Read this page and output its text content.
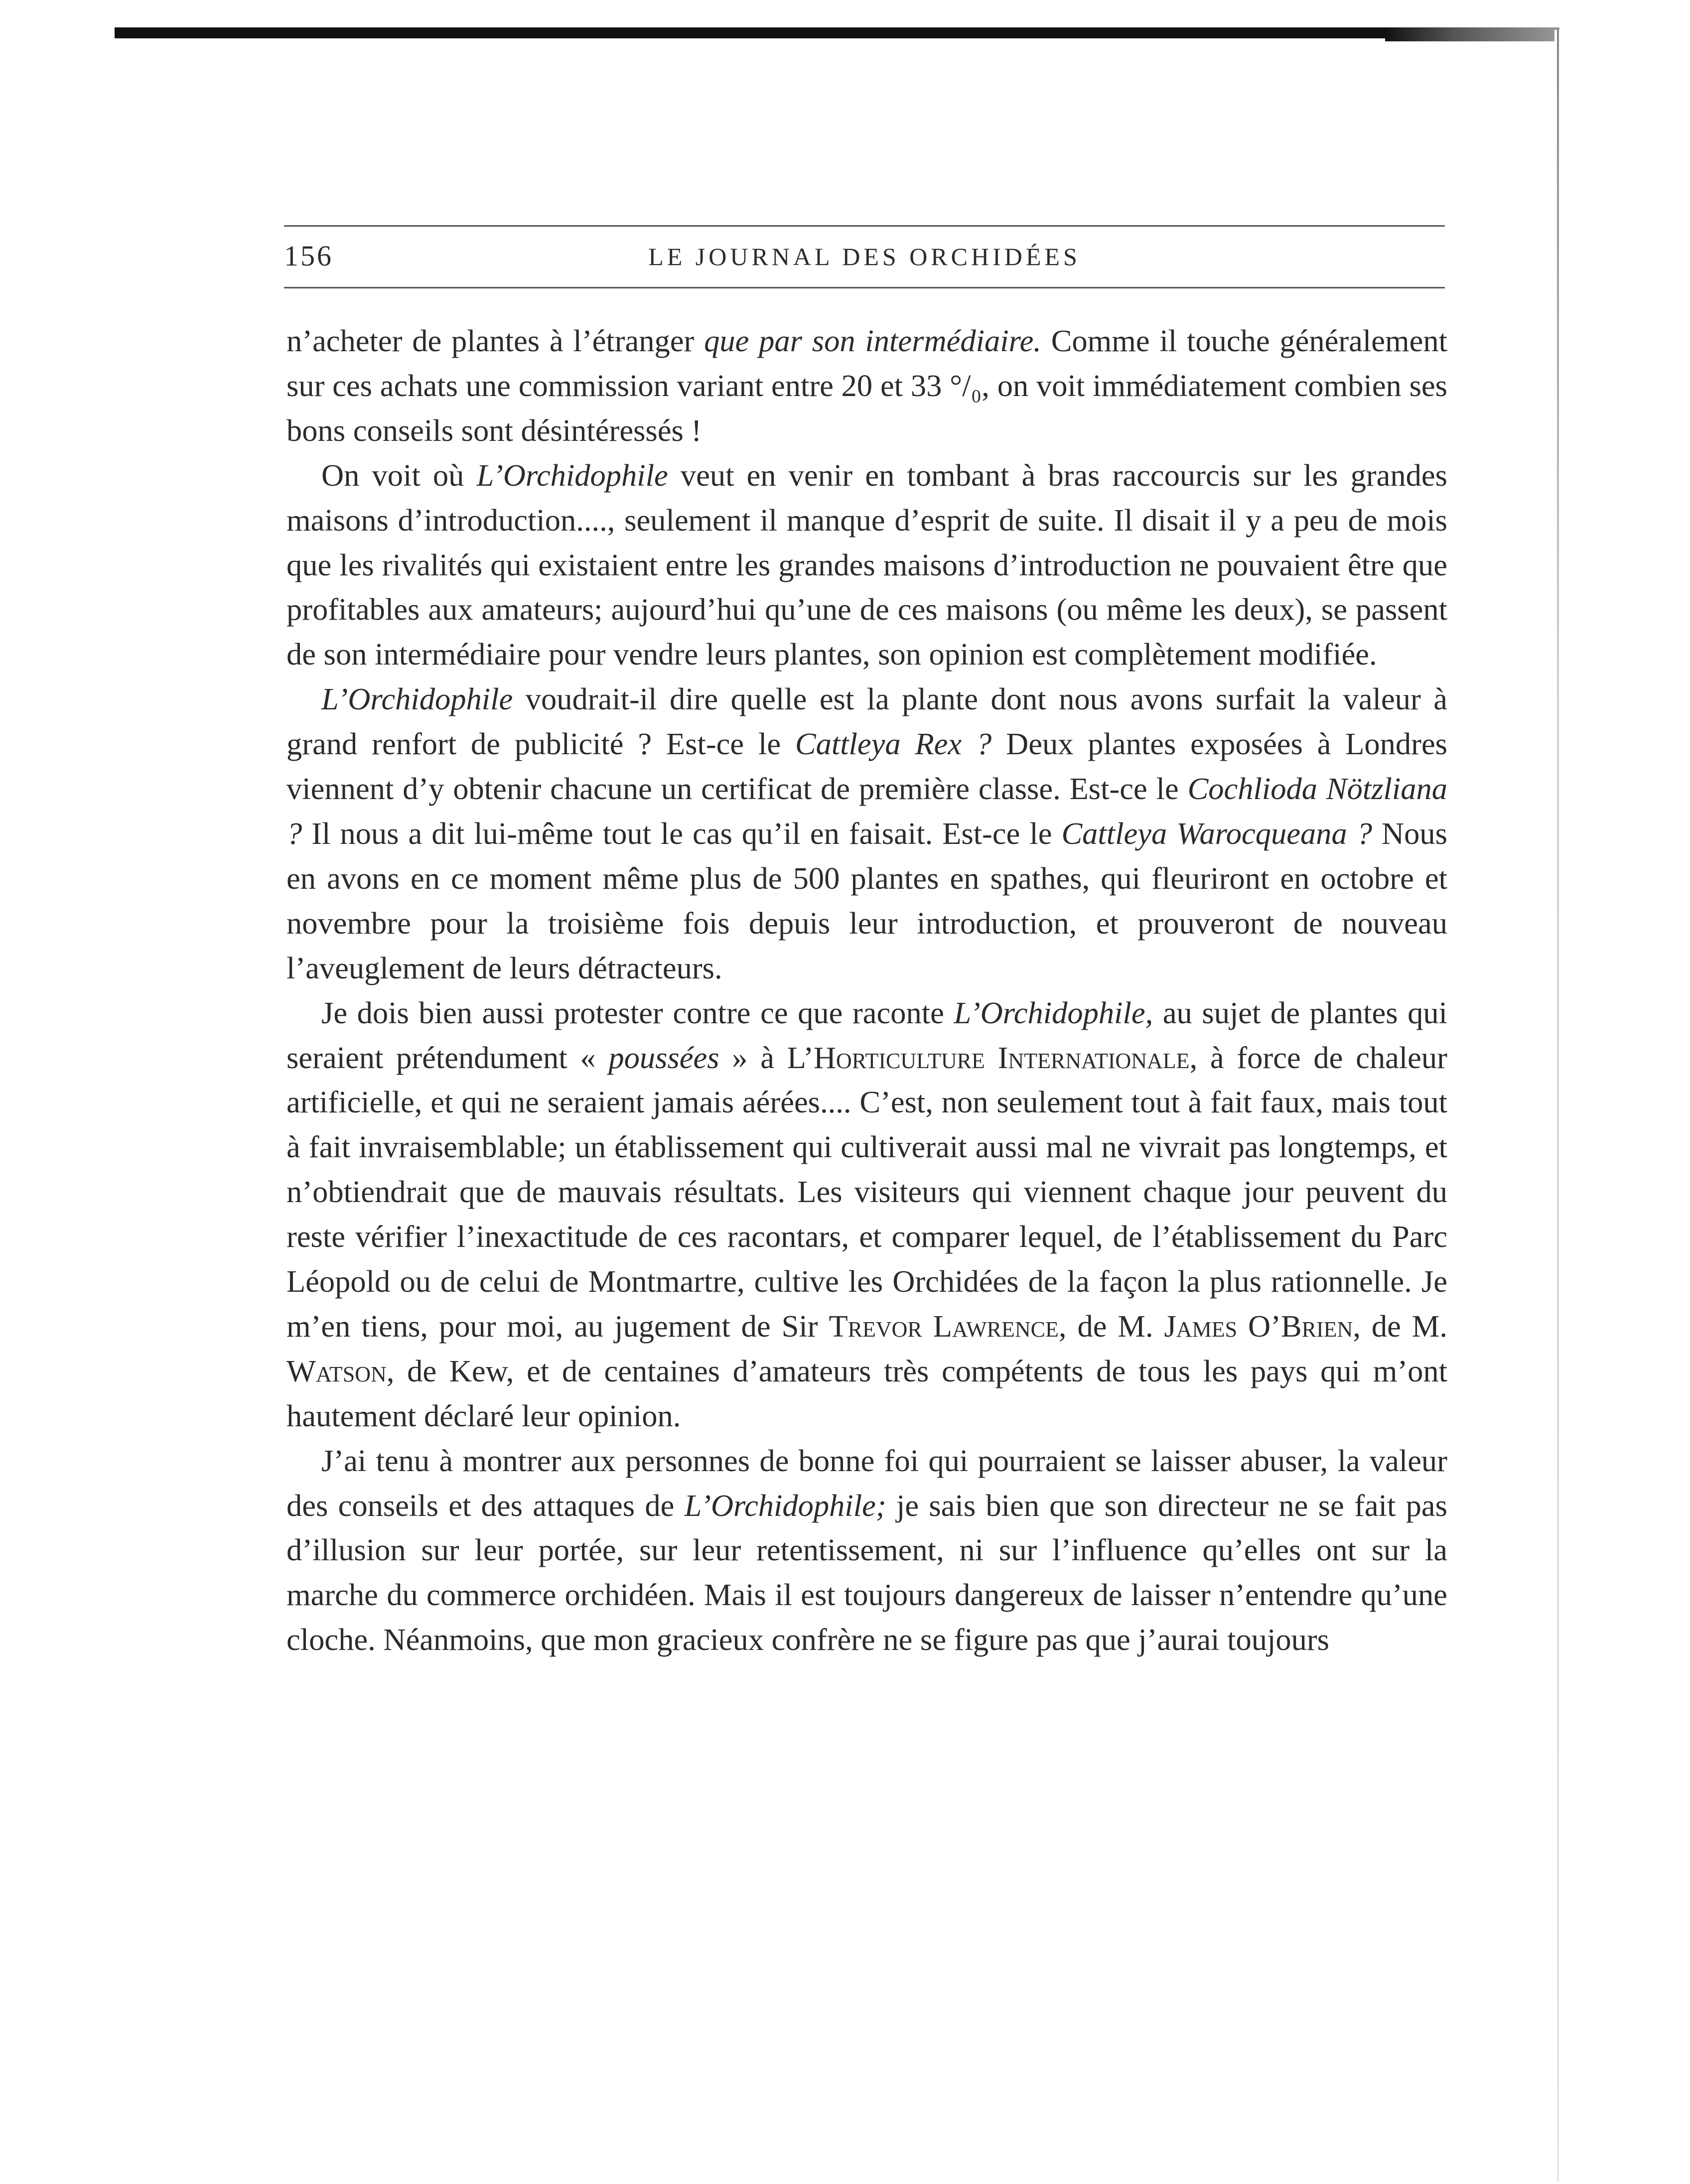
156	LE JOURNAL DES ORCHIDÉES

n’acheter de plantes à l’étranger que par son intermédiaire. Comme il touche généralement sur ces achats une commission variant entre 20 et 33 °/₀, on voit immédiatement combien ses bons conseils sont désintéressés !

On voit où L’Orchidophile veut en venir en tombant à bras raccourcis sur les grandes maisons d’introduction...., seulement il manque d’esprit de suite. Il disait il y a peu de mois que les rivalités qui existaient entre les grandes maisons d’introduction ne pouvaient être que profitables aux amateurs; aujourd’hui qu’une de ces maisons (ou même les deux), se passent de son intermédiaire pour vendre leurs plantes, son opinion est complètement modifiée.

L’Orchidophile voudrait-il dire quelle est la plante dont nous avons surfait la valeur à grand renfort de publicité ? Est-ce le Cattleya Rex ? Deux plantes exposées à Londres viennent d’y obtenir chacune un certificat de première classe. Est-ce le Cochlioda Nötzliana ? Il nous a dit lui-même tout le cas qu’il en faisait. Est-ce le Cattleya Warocqueana ? Nous en avons en ce moment même plus de 500 plantes en spathes, qui fleuriront en octobre et novembre pour la troisième fois depuis leur introduction, et prouveront de nouveau l’aveuglement de leurs détracteurs.

Je dois bien aussi protester contre ce que raconte L’Orchidophile, au sujet de plantes qui seraient prétendument « poussées » à L’Horticulture Internationale, à force de chaleur artificielle, et qui ne seraient jamais aérées.... C’est, non seulement tout à fait faux, mais tout à fait invraisemblable; un établissement qui cultiverait aussi mal ne vivrait pas longtemps, et n’obtiendrait que de mauvais résultats. Les visiteurs qui viennent chaque jour peuvent du reste vérifier l’inexactitude de ces racontars, et comparer lequel, de l’établissement du Parc Léopold ou de celui de Montmartre, cultive les Orchidées de la façon la plus rationnelle. Je m’en tiens, pour moi, au jugement de Sir Trevor Lawrence, de M. James O’Brien, de M. Watson, de Kew, et de centaines d’amateurs très compétents de tous les pays qui m’ont hautement déclaré leur opinion.

J’ai tenu à montrer aux personnes de bonne foi qui pourraient se laisser abuser, la valeur des conseils et des attaques de L’Orchidophile; je sais bien que son directeur ne se fait pas d’illusion sur leur portée, sur leur retentissement, ni sur l’influence qu’elles ont sur la marche du commerce orchidéen. Mais il est toujours dangereux de laisser n’entendre qu’une cloche. Néanmoins, que mon gracieux confrère ne se figure pas que j’aurai toujours
